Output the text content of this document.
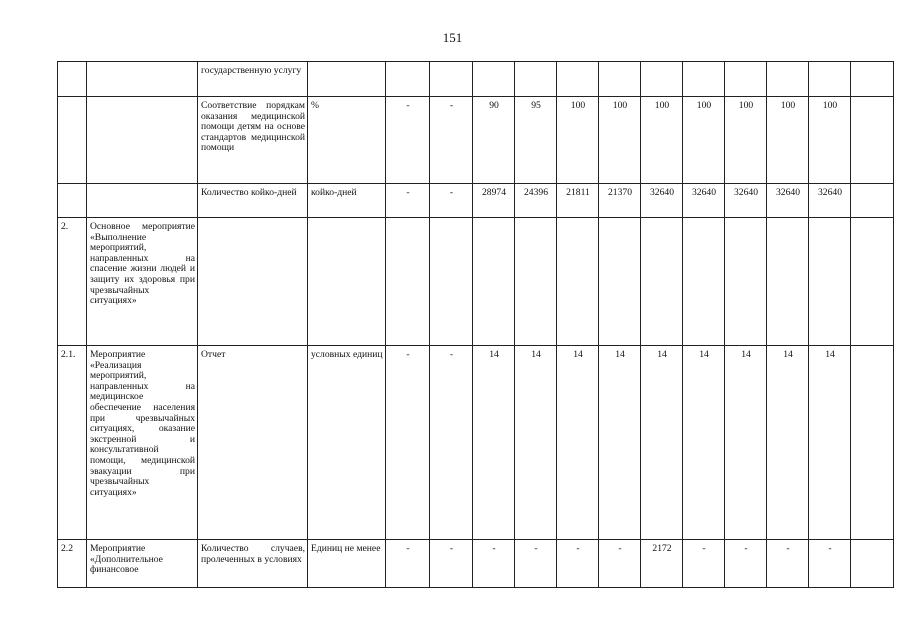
151
		государственную услугу													
		Соответствие порядкам оказания медицинской помощи детям на основе стандартов медицинской помощи	%	-	-	90	95	100	100	100	100	100	100	100	
		Количество койко-дней	койко-дней	-	-	28974	24396	21811	21370	32640	32640	32640	32640	32640	
2.	Основное мероприятие «Выполнение мероприятий, направленных на спасение жизни людей и защиту их здоровья при чрезвычайных ситуациях»														
2.1.	Мероприятие «Реализация мероприятий, направленных на медицинское обеспечение населения при чрезвычайных ситуациях, оказание экстренной и консультативной помощи, медицинской эвакуации при чрезвычайных ситуациях»	Отчет	условных единиц	-	-	14	14	14	14	14	14	14	14	14	
2.2	Мероприятие «Дополнительное финансовое	Количество случаев, пролеченных в условиях	Единиц не менее	-	-	-	-	-	-	2172	-	-	-	-	
